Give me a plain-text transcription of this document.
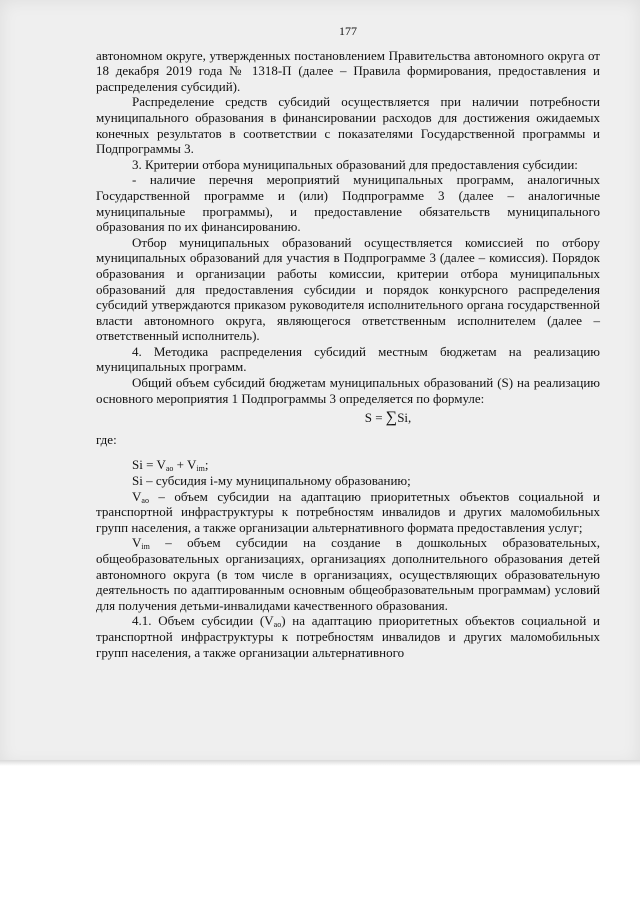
177

автономном округе, утвержденных постановлением Правительства автономного округа от 18 декабря 2019 года № 1318-П (далее – Правила формирования, предоставления и распределения субсидий).

Распределение средств субсидий осуществляется при наличии потребности муниципального образования в финансировании расходов для достижения ожидаемых конечных результатов в соответствии с показателями Государственной программы и Подпрограммы 3.

3. Критерии отбора муниципальных образований для предоставления субсидии:

- наличие перечня мероприятий муниципальных программ, аналогичных Государственной программе и (или) Подпрограмме 3 (далее – аналогичные муниципальные программы), и предоставление обязательств муниципального образования по их финансированию.

Отбор муниципальных образований осуществляется комиссией по отбору муниципальных образований для участия в Подпрограмме 3 (далее – комиссия). Порядок образования и организации работы комиссии, критерии отбора муниципальных образований для предоставления субсидии и порядок конкурсного распределения субсидий утверждаются приказом руководителя исполнительного органа государственной власти автономного округа, являющегося ответственным исполнителем (далее – ответственный исполнитель).

4. Методика распределения субсидий местным бюджетам на реализацию муниципальных программ.

Общий объем субсидий бюджетам муниципальных образований (S) на реализацию основного мероприятия 1 Подпрограммы 3 определяется по формуле:

S = ∑Si,

где:

$Si = V_{ao} + V_{im}$;

Si – субсидия i-му муниципальному образованию;

$V_{ao}$ – объем субсидии на адаптацию приоритетных объектов социальной и транспортной инфраструктуры к потребностям инвалидов и других маломобильных групп населения, а также организации альтернативного формата предоставления услуг;

$V_{im}$ – объем субсидии на создание в дошкольных образовательных, общеобразовательных организациях, организациях дополнительного образования детей автономного округа (в том числе в организациях, осуществляющих образовательную деятельность по адаптированным основным общеобразовательным программам) условий для получения детьми-инвалидами качественного образования.

4.1. Объем субсидии $(V_{ao})$ на адаптацию приоритетных объектов социальной и транспортной инфраструктуры к потребностям инвалидов и других маломобильных групп населения, а также организации альтернативного
